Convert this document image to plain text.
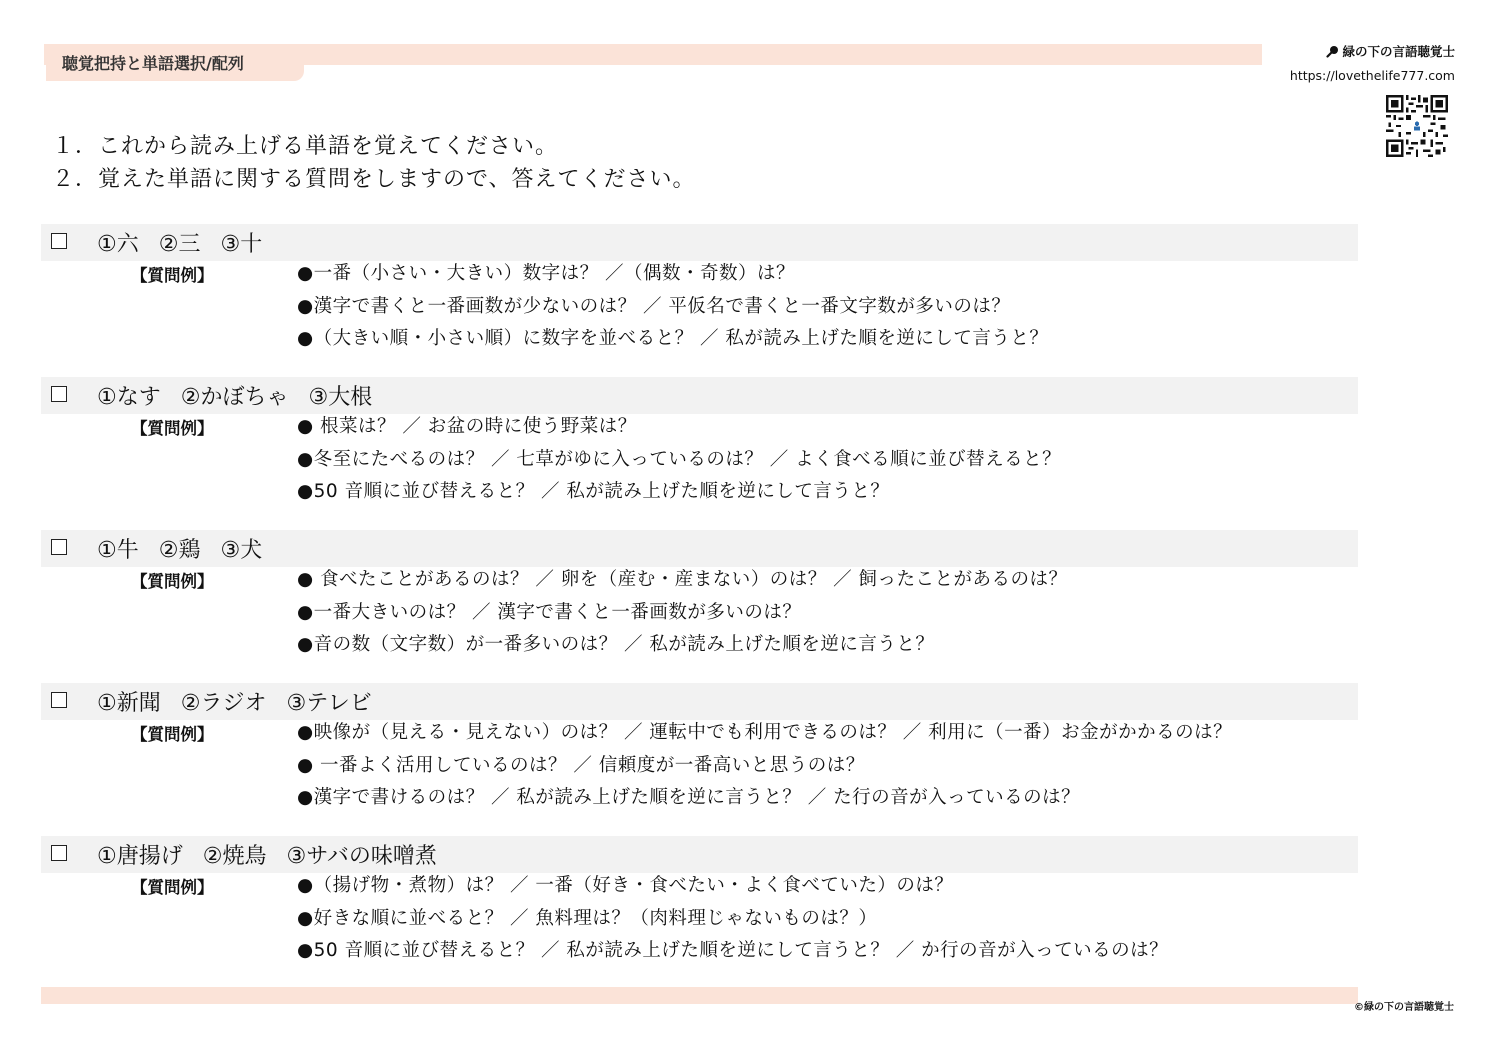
聴覚把持と単語選択/配列
緑の下の言語聴覚士
https://lovethelife777.com
１．これから読み上げる単語を覚えてください。
２．覚えた単語に関する質問をしますので、答えてください。
①六 ②三 ③十
【質問例】	●一番（小さい・大きい）数字は？ ／（偶数・奇数）は？
●漢字で書くと一番画数が少ないのは？ ／ 平仮名で書くと一番文字数が多いのは？
●（大きい順・小さい順）に数字を並べると？ ／ 私が読み上げた順を逆にして言うと？
①なす ②かぼちゃ ③大根
【質問例】	● 根菜は？ ／ お盆の時に使う野菜は？
●冬至にたべるのは？ ／ 七草がゆに入っているのは？ ／ よく食べる順に並び替えると？
●50 音順に並び替えると？ ／ 私が読み上げた順を逆にして言うと？
①牛 ②鶏 ③犬
【質問例】	● 食べたことがあるのは？ ／ 卵を（産む・産まない）のは？ ／ 飼ったことがあるのは？
●一番大きいのは？ ／ 漢字で書くと一番画数が多いのは？
●音の数（文字数）が一番多いのは？ ／ 私が読み上げた順を逆に言うと？
①新聞 ②ラジオ ③テレビ
【質問例】	●映像が（見える・見えない）のは？ ／ 運転中でも利用できるのは？ ／ 利用に（一番）お金がかかるのは？
● 一番よく活用しているのは？ ／ 信頼度が一番高いと思うのは？
●漢字で書けるのは？ ／ 私が読み上げた順を逆に言うと？ ／ た行の音が入っているのは？
①唐揚げ ②焼鳥 ③サバの味噌煮
【質問例】	●（揚げ物・煮物）は？ ／ 一番（好き・食べたい・よく食べていた）のは？
●好きな順に並べると？ ／ 魚料理は？（肉料理じゃないものは？）
●50 音順に並び替えると？ ／ 私が読み上げた順を逆にして言うと？ ／ か行の音が入っているのは？
©緑の下の言語聴覚士
